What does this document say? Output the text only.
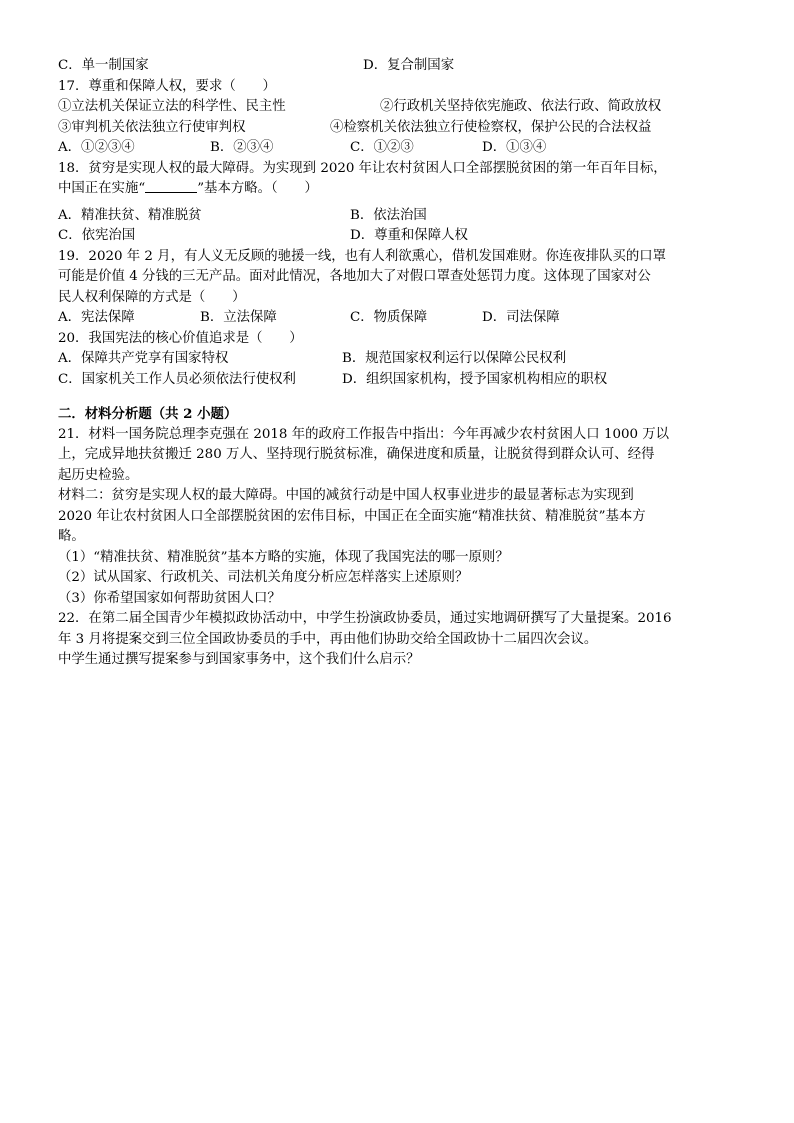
C．单一制国家	D．复合制国家
17．尊重和保障人权，要求（　　）
①立法机关保证立法的科学性、民主性	②行政机关坚持依宪施政、依法行政、简政放权
③审判机关依法独立行使审判权	④检察机关依法独立行使检察权，保护公民的合法权益
A．①②③④	B．②③④	C．①②③	D．①③④
18．贫穷是实现人权的最大障碍。为实现到 2020 年让农村贫困人口全部摆脱贫困的第一年百年目标，
中国正在实施“	”基本方略。（　　）
A．精准扶贫、精准脱贫	B．依法治国
C．依宪治国	D．尊重和保障人权
19．2020 年 2 月，有人义无反顾的驰援一线，也有人利欲熏心，借机发国难财。你连夜排队买的口罩
可能是价值 4 分钱的三无产品。面对此情况，各地加大了对假口罩查处惩罚力度。这体现了国家对公
民人权利保障的方式是（　　）
A．宪法保障	B．立法保障	C．物质保障	D．司法保障
20．我国宪法的核心价值追求是（　　）
A．保障共产党享有国家特权	B．规范国家权利运行以保障公民权利
C．国家机关工作人员必须依法行使权利	D．组织国家机构，授予国家机构相应的职权
二．材料分析题（共 2 小题）
21．材料一国务院总理李克强在 2018 年的政府工作报告中指出：今年再减少农村贫困人口 1000 万以
上，完成异地扶贫搬迁 280 万人、坚持现行脱贫标准，确保进度和质量，让脱贫得到群众认可、经得
起历史检验。
材料二：贫穷是实现人权的最大障碍。中国的减贫行动是中国人权事业进步的最显著标志为实现到
2020 年让农村贫困人口全部摆脱贫困的宏伟目标，中国正在全面实施“精准扶贫、精准脱贫”基本方
略。
（1）“精准扶贫、精准脱贫”基本方略的实施，体现了我国宪法的哪一原则？
（2）试从国家、行政机关、司法机关角度分析应怎样落实上述原则？
（3）你希望国家如何帮助贫困人口？
22．在第二届全国青少年模拟政协活动中，中学生扮演政协委员，通过实地调研撰写了大量提案。2016
年 3 月将提案交到三位全国政协委员的手中，再由他们协助交给全国政协十二届四次会议。
中学生通过撰写提案参与到国家事务中，这个我们什么启示？
